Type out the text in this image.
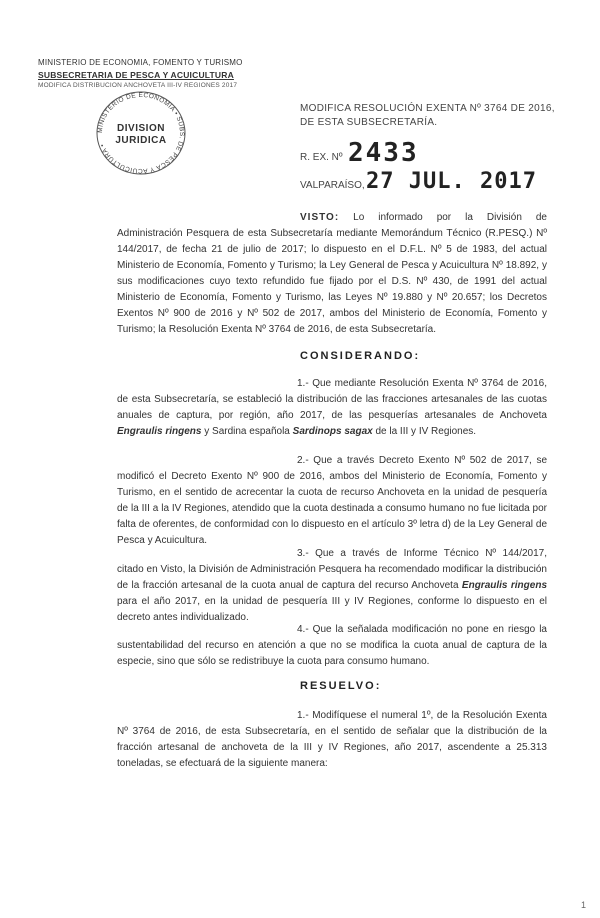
MINISTERIO DE ECONOMIA, FOMENTO Y TURISMO
SUBSECRETARIA DE PESCA Y ACUICULTURA
MODIFICA DISTRIBUCION ANCHOVETA III-IV REGIONES 2017
MINISTERIO DE ECONOMIA • SUBS. DE PESCA Y ACUICULTURA •
DIVISION
JURIDICA
MODIFICA RESOLUCIÓN EXENTA Nº 3764 DE 2016,
DE ESTA SUBSECRETARÍA.
R. EX. Nº 2433
VALPARAÍSO, 27 JUL. 2017
VISTO: Lo informado por la División de Administración Pesquera de esta Subsecretaría mediante Memorándum Técnico (R.PESQ.) Nº 144/2017, de fecha 21 de julio de 2017; lo dispuesto en el D.F.L. Nº 5 de 1983, del actual Ministerio de Economía, Fomento y Turismo; la Ley General de Pesca y Acuicultura Nº 18.892, y sus modificaciones cuyo texto refundido fue fijado por el D.S. Nº 430, de 1991 del actual Ministerio de Economía, Fomento y Turismo, las Leyes Nº 19.880 y Nº 20.657; los Decretos Exentos Nº 900 de 2016 y Nº 502 de 2017, ambos del Ministerio de Economía, Fomento y Turismo; la Resolución Exenta Nº 3764 de 2016, de esta Subsecretaría.
CONSIDERANDO:
1.- Que mediante Resolución Exenta Nº 3764 de 2016, de esta Subsecretaría, se estableció la distribución de las fracciones artesanales de las cuotas anuales de captura, por región, año 2017, de las pesquerías artesanales de Anchoveta Engraulis ringens y Sardina española Sardinops sagax de la III y IV Regiones.
2.- Que a través Decreto Exento Nº 502 de 2017, se modificó el Decreto Exento Nº 900 de 2016, ambos del Ministerio de Economía, Fomento y Turismo, en el sentido de acrecentar la cuota de recurso Anchoveta en la unidad de pesquería de la III a la IV Regiones, atendido que la cuota destinada a consumo humano no fue licitada por falta de oferentes, de conformidad con lo dispuesto en el artículo 3º letra d) de la Ley General de Pesca y Acuicultura.
3.- Que a través de Informe Técnico Nº 144/2017, citado en Visto, la División de Administración Pesquera ha recomendado modificar la distribución de la fracción artesanal de la cuota anual de captura del recurso Anchoveta Engraulis ringens para el año 2017, en la unidad de pesquería III y IV Regiones, conforme lo dispuesto en el decreto antes individualizado.
4.- Que la señalada modificación no pone en riesgo la sustentabilidad del recurso en atención a que no se modifica la cuota anual de captura de la especie, sino que sólo se redistribuye la cuota para consumo humano.
RESUELVO:
1.- Modifíquese el numeral 1º, de la Resolución Exenta Nº 3764 de 2016, de esta Subsecretaría, en el sentido de señalar que la distribución de la fracción artesanal de anchoveta de la III y IV Regiones, año 2017, ascendente a 25.313 toneladas, se efectuará de la siguiente manera:
1
